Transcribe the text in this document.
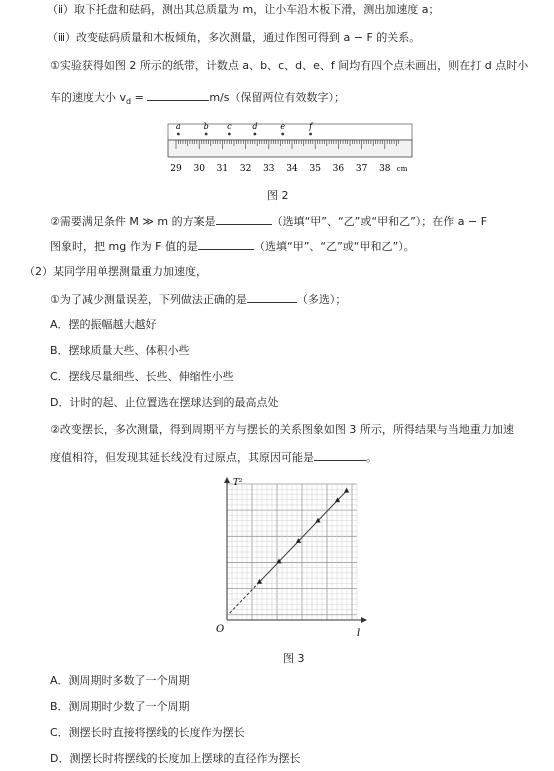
（ⅱ）取下托盘和砝码，测出其总质量为 m，让小车沿木板下滑，测出加速度 a；
（ⅲ）改变砝码质量和木板倾角，多次测量，通过作图可得到 a − F 的关系。
①实验获得如图 2 所示的纸带，计数点 a、b、c、d、e、f 间均有四个点未画出，则在打 d 点时小
车的速度大小 $v_d$ =	m/s（保留两位有效数字）；
a	b c	d	e	f
29 30 31 32 33 34 35 36 37 38 cm
图 2
②需要满足条件 M ≫ m 的方案是	（选填“甲”、“乙”或“甲和乙”）；在作 a − F
图象时，把 mg 作为 F 值的是	（选填“甲”、“乙”或“甲和乙”）。
（2）某同学用单摆测量重力加速度，
①为了减少测量误差，下列做法正确的是	（多选）；
A．摆的振幅越大越好
B．摆球质量大些、体积小些
C．摆线尽量细些、长些、伸缩性小些
D．计时的起、止位置选在摆球达到的最高点处
②改变摆长，多次测量，得到周期平方与摆长的关系图象如图 3 所示，所得结果与当地重力加速
度值相符，但发现其延长线没有过原点，其原因可能是	。
T²
l
O
图 3
A．测周期时多数了一个周期
B．测周期时少数了一个周期
C．测摆长时直接将摆线的长度作为摆长
D．测摆长时将摆线的长度加上摆球的直径作为摆长
